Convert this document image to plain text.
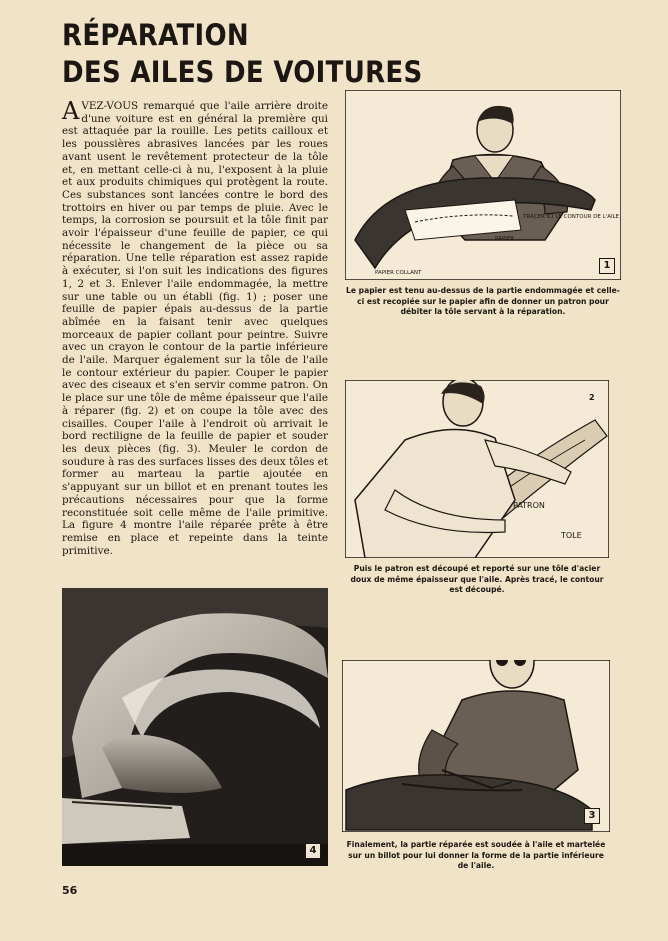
RÉPARATION
DES AILES DE VOITURES
AVEZ-VOUS remarqué que l'aile arrière droite d'une voiture est en général la première qui est attaquée par la rouille. Les petits cailloux et les poussières abrasives lancées par les roues avant usent le revêtement protecteur de la tôle et, en mettant celle-ci à nu, l'exposent à la pluie et aux produits chimiques qui protègent la route. Ces substances sont lancées contre le bord des trottoirs en hiver ou par temps de pluie. Avec le temps, la corrosion se poursuit et la tôle finit par avoir l'épaisseur d'une feuille de papier, ce qui nécessite le changement de la pièce ou sa réparation. Une telle réparation est assez rapide à exécuter, si l'on suit les indications des figures 1, 2 et 3. Enlever l'aile endommagée, la mettre sur une table ou un établi (fig. 1) ; poser une feuille de papier épais au-dessus de la partie abîmée en la faisant tenir avec quelques morceaux de papier collant pour peintre. Suivre avec un crayon le contour de la partie inférieure de l'aile. Marquer également sur la tôle de l'aile le contour extérieur du papier. Couper le papier avec des ciseaux et s'en servir comme patron. On le place sur une tôle de même épaisseur que l'aile à réparer (fig. 2) et on coupe la tôle avec des cisailles. Couper l'aile à l'endroit où arrivait le bord rectiligne de la feuille de papier et souder les deux pièces (fig. 3). Meuler le cordon de soudure à ras des surfaces lisses des deux tôles et former au marteau la partie ajoutée en s'appuyant sur un billot et en prenant toutes les précautions nécessaires pour que la forme reconstituée soit celle même de l'aile primitive. La figure 4 montre l'aile réparée prête à être remise en place et repeinte dans la teinte primitive.
TRACER ICI LE CONTOUR DE L'AILE
PAPIER
PAPIER COLLANT
1
Le papier est tenu au-dessus de la partie endommagée et celle-ci est recopiée sur le papier afin de donner un patron pour débiter la tôle servant à la réparation.
PATRON
TOLE
2
Puis le patron est découpé et reporté sur une tôle d'acier doux de même épaisseur que l'aile. Après tracé, le contour est découpé.
3
Finalement, la partie réparée est soudée à l'aile et martelée sur un billot pour lui donner la forme de la partie inférieure de l'aile.
4
56
